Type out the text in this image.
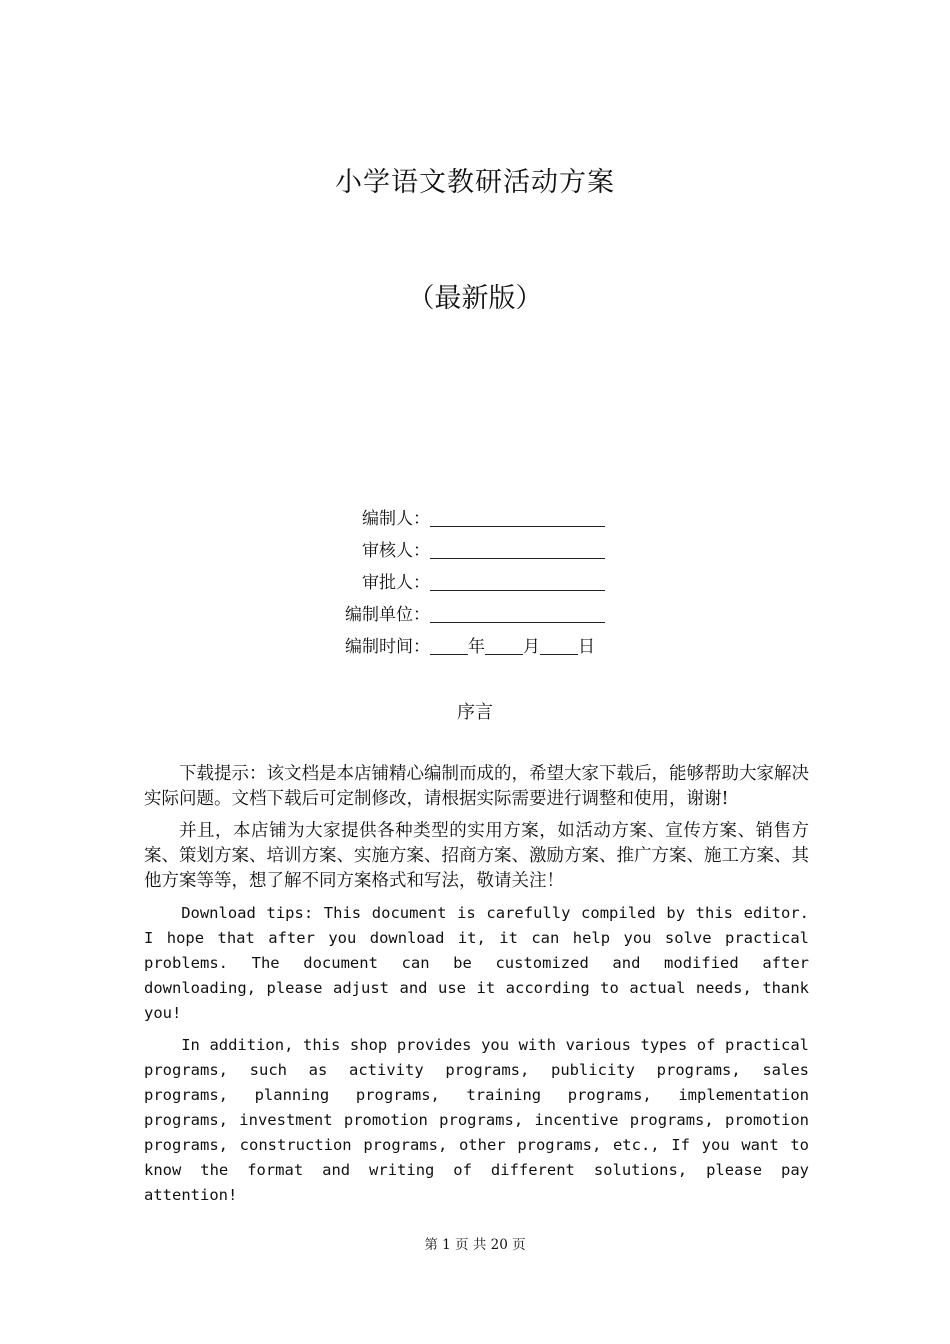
小学语文教研活动方案
（最新版）
编制人：
审核人：
审批人：
编制单位：
编制时间： 年 月 日
序言

下载提示：该文档是本店铺精心编制而成的，希望大家下载后，能够帮助大家解决实际问题。文档下载后可定制修改，请根据实际需要进行调整和使用，谢谢!

并且，本店铺为大家提供各种类型的实用方案，如活动方案、宣传方案、销售方案、策划方案、培训方案、实施方案、招商方案、激励方案、推广方案、施工方案、其他方案等等，想了解不同方案格式和写法，敬请关注！

Download tips: This document is carefully compiled by this editor. I hope that after you download it, it can help you solve practical problems. The document can be customized and modified after downloading, please adjust and use it according to actual needs, thank you!

In addition, this shop provides you with various types of practical programs, such as activity programs, publicity programs, sales programs, planning programs, training programs, implementation programs, investment promotion programs, incentive programs, promotion programs, construction programs, other programs, etc., If you want to know the format and writing of different solutions, please pay attention!

第 1 页 共 20 页
